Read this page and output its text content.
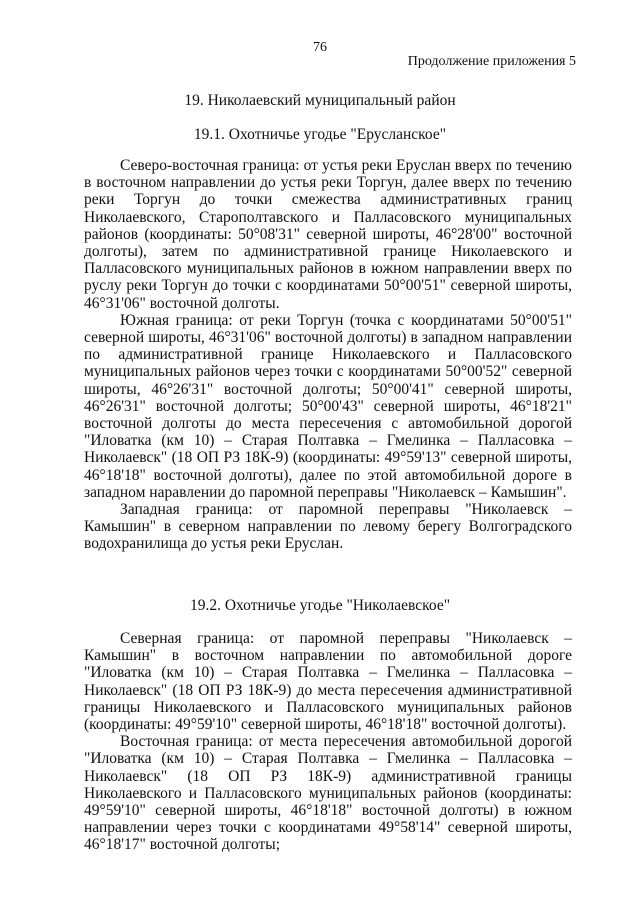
76
Продолжение приложения 5
19. Николаевский муниципальный район
19.1. Охотничье угодье "Ерусланское"
Северо-восточная граница: от устья реки Еруслан вверх по течению в восточном направлении до устья реки Торгун, далее вверх по течению реки Торгун до точки смежества административных границ Николаевского, Старополтавского и Палласовского муниципальных районов (координаты: 50°08'31" северной широты, 46°28'00" восточной долготы), затем по административной границе Николаевского и Палласовского муниципальных районов в южном направлении вверх по руслу реки Торгун до точки с координатами 50°00'51" северной широты, 46°31'06" восточной долготы.
Южная граница: от реки Торгун (точка с координатами 50°00'51" северной широты, 46°31'06" восточной долготы) в западном направлении по административной границе Николаевского и Палласовского муниципальных районов через точки с координатами 50°00'52" северной широты, 46°26'31" восточной долготы; 50°00'41" северной широты, 46°26'31" восточной долготы; 50°00'43" северной широты, 46°18'21" восточной долготы до места пересечения с автомобильной дорогой "Иловатка (км 10) – Старая Полтавка – Гмелинка – Палласовка – Николаевск" (18 ОП РЗ 18К-9) (координаты: 49°59'13" северной широты, 46°18'18" восточной долготы), далее по этой автомобильной дороге в западном наравлении до паромной переправы "Николаевск – Камышин".
Западная граница: от паромной переправы "Николаевск – Камышин" в северном направлении по левому берегу Волгоградского водохранилища до устья реки Еруслан.
19.2. Охотничье угодье "Николаевское"
Северная граница: от паромной переправы "Николаевск – Камышин" в восточном направлении по автомобильной дороге "Иловатка (км 10) – Старая Полтавка – Гмелинка – Палласовка – Николаевск" (18 ОП РЗ 18К-9) до места пересечения административной границы Николаевского и Палласовского муниципальных районов (координаты: 49°59'10" северной широты, 46°18'18" восточной долготы).
Восточная граница: от места пересечения автомобильной дорогой "Иловатка (км 10) – Старая Полтавка – Гмелинка – Палласовка – Николаевск" (18 ОП РЗ 18К-9) административной границы Николаевского и Палласовского муниципальных районов (координаты: 49°59'10" северной широты, 46°18'18" восточной долготы) в южном направлении через точки с координатами 49°58'14" северной широты, 46°18'17" восточной долготы;
